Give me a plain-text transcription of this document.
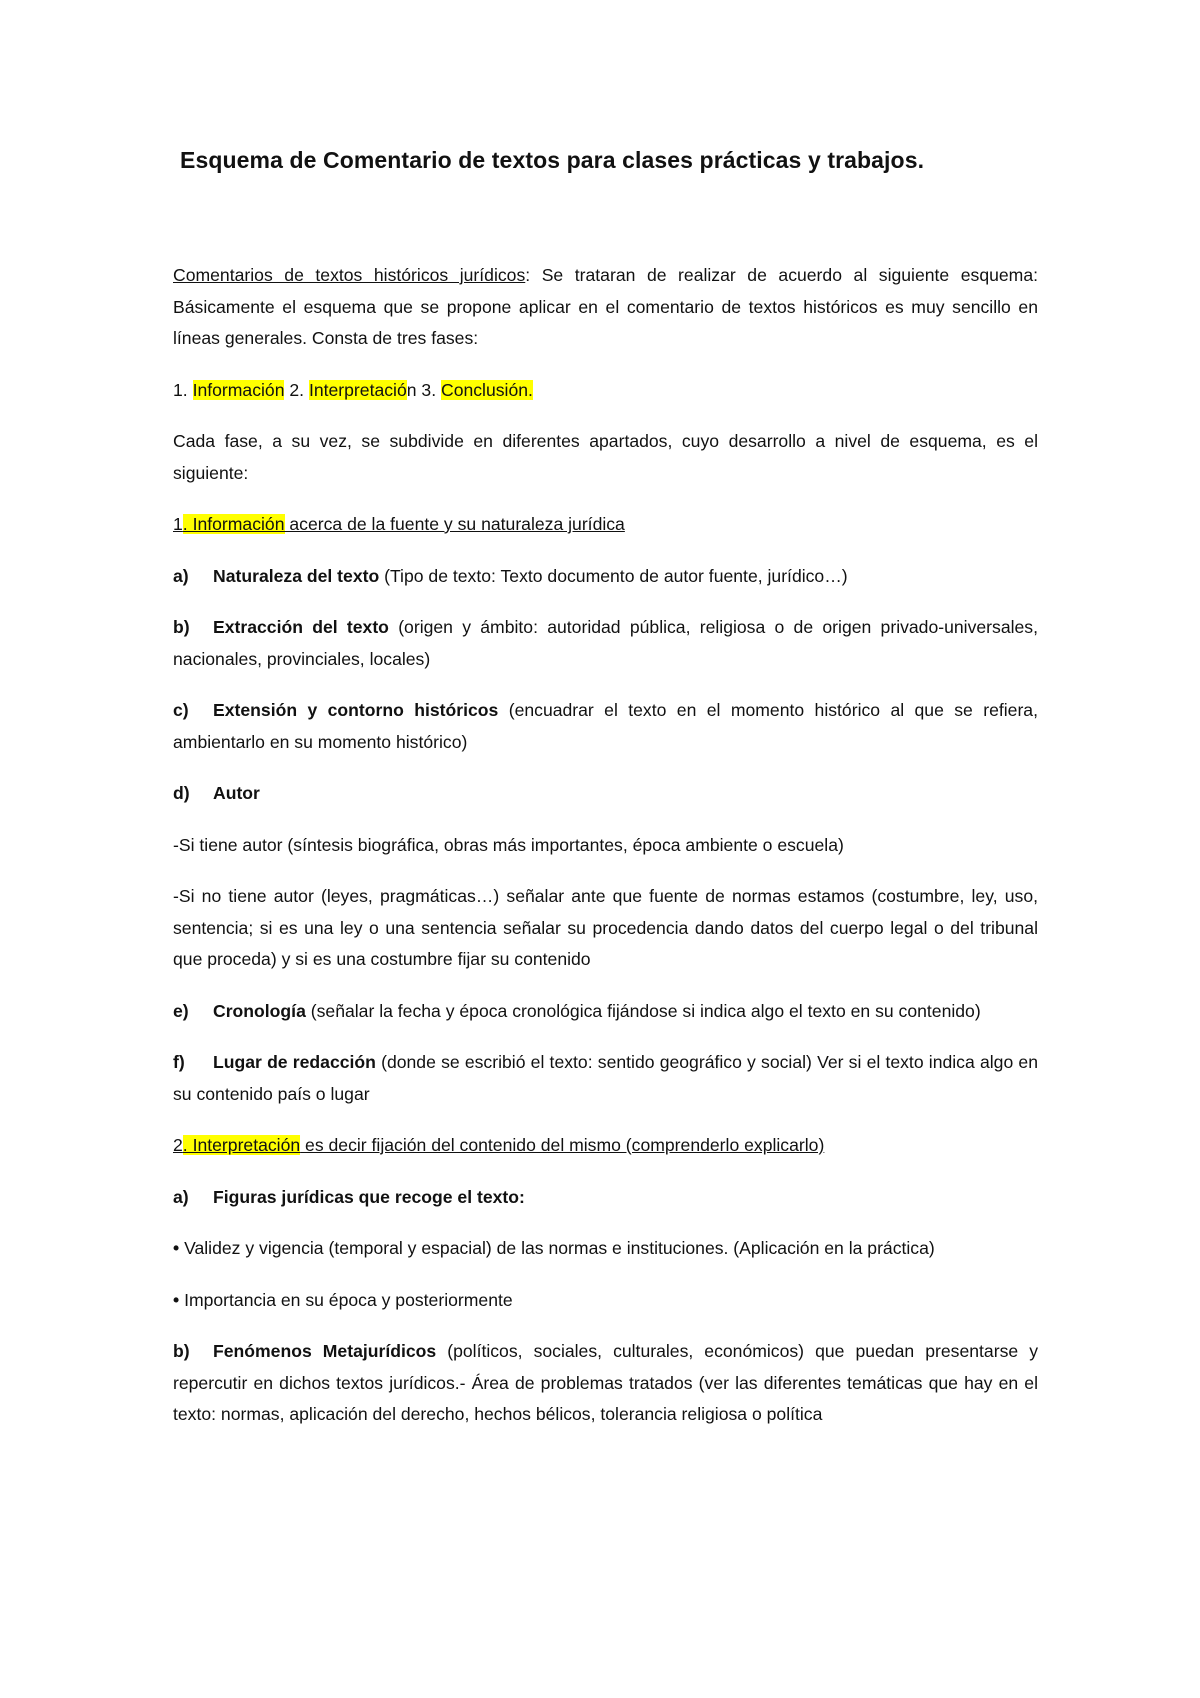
Esquema de Comentario de textos para clases prácticas y trabajos.

Comentarios de textos históricos jurídicos: Se trataran de realizar de acuerdo al siguiente esquema: Básicamente el esquema que se propone aplicar en el comentario de textos históricos es muy sencillo en líneas generales. Consta de tres fases:

1. Información 2. Interpretación 3. Conclusión.

Cada fase, a su vez, se subdivide en diferentes apartados, cuyo desarrollo a nivel de esquema, es el siguiente:

1. Información acerca de la fuente y su naturaleza jurídica

a) Naturaleza del texto (Tipo de texto: Texto documento de autor fuente, jurídico…)

b) Extracción del texto (origen y ámbito: autoridad pública, religiosa o de origen privado-universales, nacionales, provinciales, locales)

c) Extensión y contorno históricos (encuadrar el texto en el momento histórico al que se refiera, ambientarlo en su momento histórico)

d) Autor

-Si tiene autor (síntesis biográfica, obras más importantes, época ambiente o escuela)

-Si no tiene autor (leyes, pragmáticas…) señalar ante que fuente de normas estamos (costumbre, ley, uso, sentencia; si es una ley o una sentencia señalar su procedencia dando datos del cuerpo legal o del tribunal que proceda) y si es una costumbre fijar su contenido

e) Cronología (señalar la fecha y época cronológica fijándose si indica algo el texto en su contenido)

f) Lugar de redacción (donde se escribió el texto: sentido geográfico y social) Ver si el texto indica algo en su contenido país o lugar

2. Interpretación es decir fijación del contenido del mismo (comprenderlo explicarlo)

a) Figuras jurídicas que recoge el texto:

• Validez y vigencia (temporal y espacial) de las normas e instituciones. (Aplicación en la práctica)

• Importancia en su época y posteriormente

b) Fenómenos Metajurídicos (políticos, sociales, culturales, económicos) que puedan presentarse y repercutir en dichos textos jurídicos.- Área de problemas tratados (ver las diferentes temáticas que hay en el texto: normas, aplicación del derecho, hechos bélicos, tolerancia religiosa o política
